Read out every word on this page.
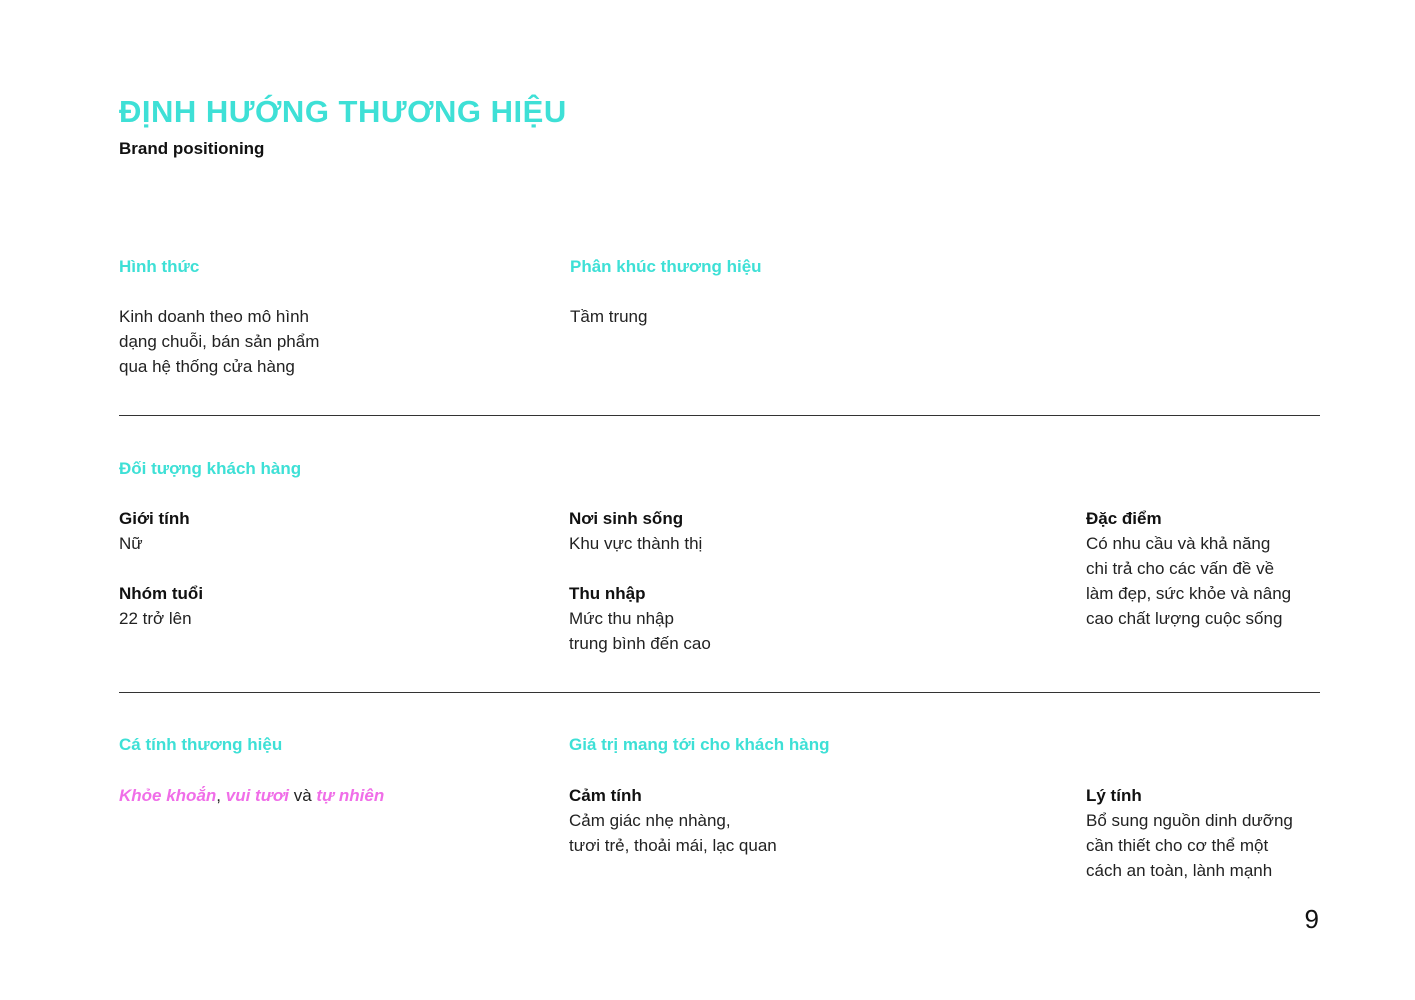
ĐỊNH HƯỚNG THƯƠNG HIỆU
Brand positioning
Hình thức
Kinh doanh theo mô hình
dạng chuỗi, bán sản phẩm
qua hệ thống cửa hàng
Phân khúc thương hiệu
Tầm trung
Đối tượng khách hàng
Giới tính
Nữ
Nhóm tuổi
22 trở lên
Nơi sinh sống
Khu vực thành thị
Thu nhập
Mức thu nhập
trung bình đến cao
Đặc điểm
Có nhu cầu và khả năng
chi trả cho các vấn đề về
làm đẹp, sức khỏe và nâng
cao chất lượng cuộc sống
Cá tính thương hiệu
Khỏe khoắn, vui tươi và tự nhiên
Giá trị mang tới cho khách hàng
Cảm tính
Cảm giác nhẹ nhàng,
tươi trẻ, thoải mái, lạc quan
Lý tính
Bổ sung nguồn dinh dưỡng
cần thiết cho cơ thể một
cách an toàn, lành mạnh
9
